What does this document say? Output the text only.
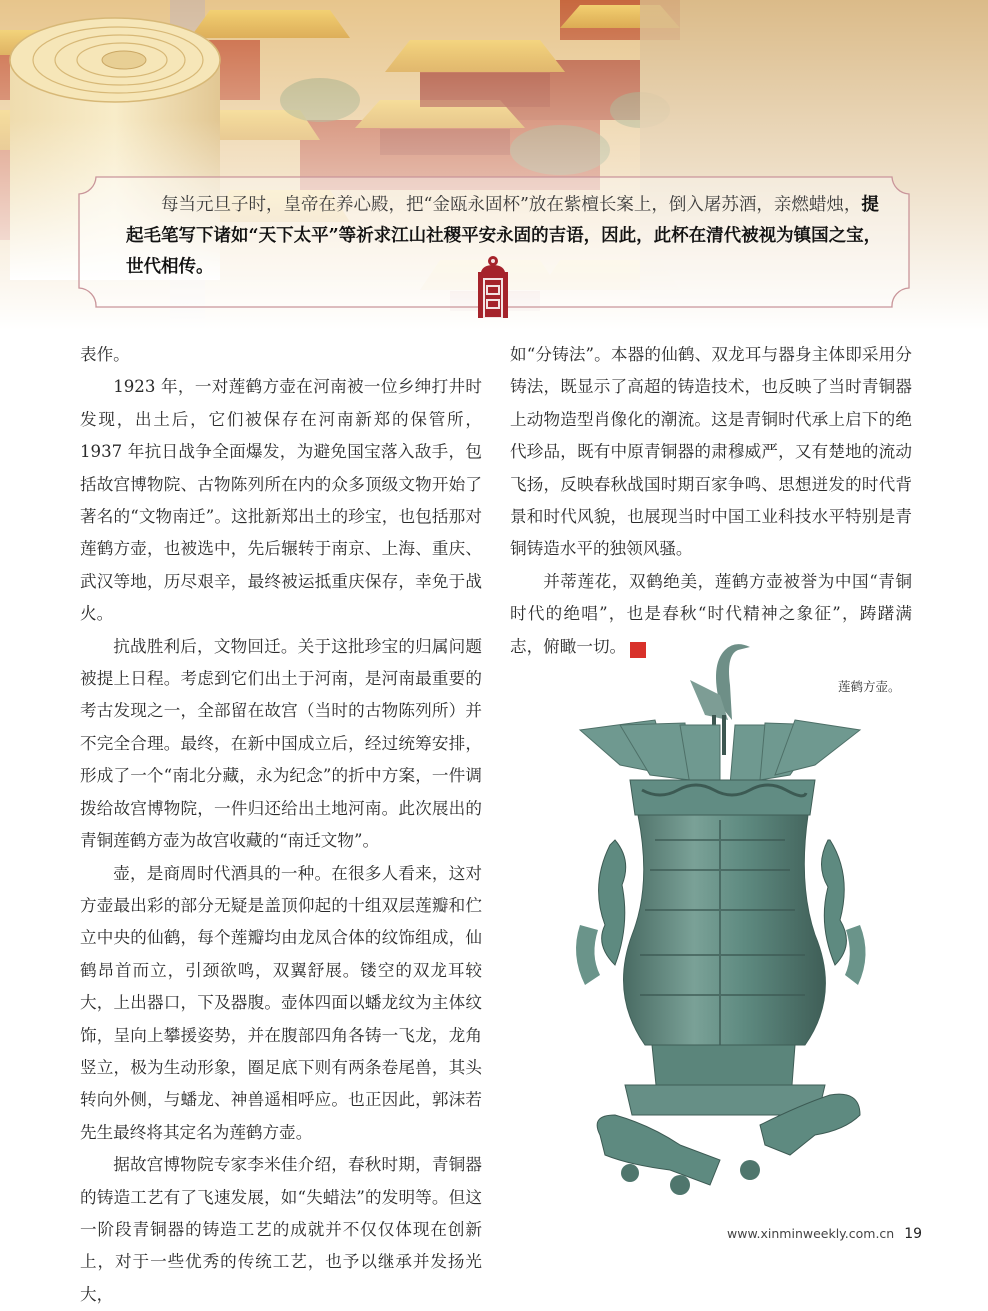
每当元旦子时，皇帝在养心殿，把“金瓯永固杯”放在紫檀长案上，倒入屠苏酒，亲燃蜡烛，提起毛笔写下诸如“天下太平”等祈求江山社稷平安永固的吉语，因此，此杯在清代被视为镇国之宝，世代相传。

表作。

1923 年，一对莲鹤方壶在河南被一位乡绅打井时发现，出土后，它们被保存在河南新郑的保管所，1937 年抗日战争全面爆发，为避免国宝落入敌手，包括故宫博物院、古物陈列所在内的众多顶级文物开始了著名的“文物南迁”。这批新郑出土的珍宝，也包括那对莲鹤方壶，也被选中，先后辗转于南京、上海、重庆、武汉等地，历尽艰辛，最终被运抵重庆保存，幸免于战火。

抗战胜利后，文物回迁。关于这批珍宝的归属问题被提上日程。考虑到它们出土于河南，是河南最重要的考古发现之一，全部留在故宫（当时的古物陈列所）并不完全合理。最终，在新中国成立后，经过统筹安排，形成了一个“南北分藏，永为纪念”的折中方案，一件调拨给故宫博物院，一件归还给出土地河南。此次展出的青铜莲鹤方壶为故宫收藏的“南迁文物”。

壶，是商周时代酒具的一种。在很多人看来，这对方壶最出彩的部分无疑是盖顶仰起的十组双层莲瓣和伫立中央的仙鹤，每个莲瓣均由龙凤合体的纹饰组成，仙鹤昂首而立，引颈欲鸣，双翼舒展。镂空的双龙耳较大，上出器口，下及器腹。壶体四面以蟠龙纹为主体纹饰，呈向上攀援姿势，并在腹部四角各铸一飞龙，龙角竖立，极为生动形象，圈足底下则有两条卷尾兽，其头转向外侧，与蟠龙、神兽遥相呼应。也正因此，郭沫若先生最终将其定名为莲鹤方壶。

据故宫博物院专家李米佳介绍，春秋时期，青铜器的铸造工艺有了飞速发展，如“失蜡法”的发明等。但这一阶段青铜器的铸造工艺的成就并不仅仅体现在创新上，对于一些优秀的传统工艺，也予以继承并发扬光大，

如“分铸法”。本器的仙鹤、双龙耳与器身主体即采用分铸法，既显示了高超的铸造技术，也反映了当时青铜器上动物造型肖像化的潮流。这是青铜时代承上启下的绝代珍品，既有中原青铜器的肃穆威严，又有楚地的流动飞扬，反映春秋战国时期百家争鸣、思想迸发的时代背景和时代风貌，也展现当时中国工业科技水平特别是青铜铸造水平的独领风骚。

并蒂莲花，双鹤绝美，莲鹤方壶被誉为中国“青铜时代的绝唱”，也是春秋“时代精神之象征”，踌躇满志，俯瞰一切。	民

莲鹤方壶。
www.xinminweekly.com.cn 19
